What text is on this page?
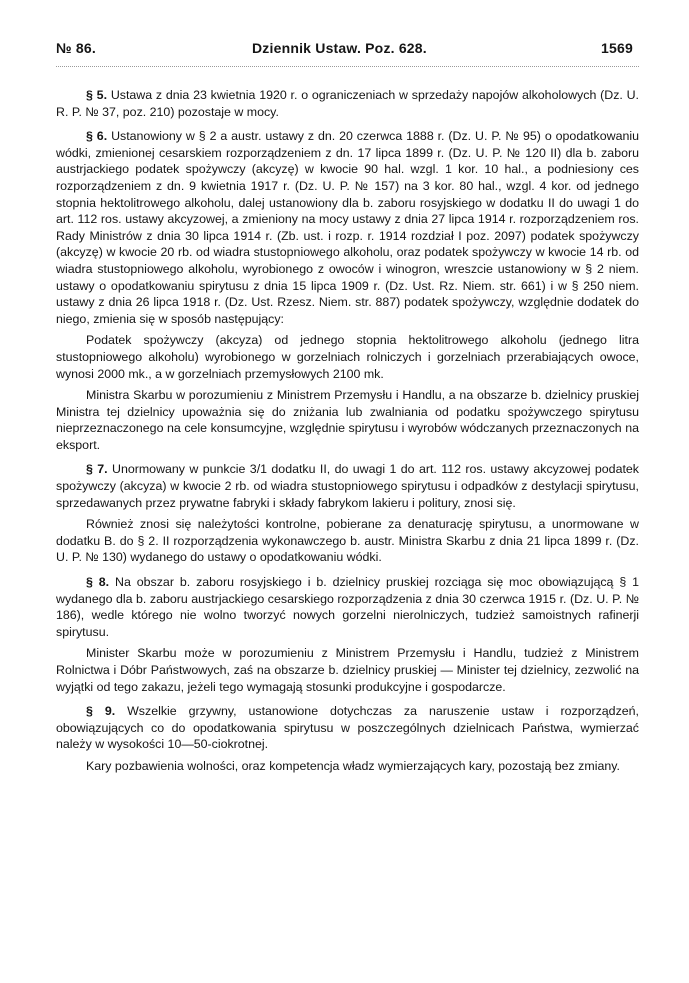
№ 86.	Dziennik Ustaw. Poz. 628.	1569

§ 5. Ustawa z dnia 23 kwietnia 1920 r. o ograniczeniach w sprzedaży napojów alkoholowych (Dz. U. R. P. № 37, poz. 210) pozostaje w mocy.

§ 6. Ustanowiony w § 2 a austr. ustawy z dn. 20 czerwca 1888 r. (Dz. U. P. № 95) o opodatkowaniu wódki, zmienionej cesarskiem rozporządzeniem z dn. 17 lipca 1899 r. (Dz. U. P. № 120 II) dla b. zaboru austrjackiego podatek spożywczy (akcyzę) w kwocie 90 hal. wzgl. 1 kor. 10 hal., a podniesiony ces rozporządzeniem z dn. 9 kwietnia 1917 r. (Dz. U. P. № 157) na 3 kor. 80 hal., wzgl. 4 kor. od jednego stopnia hektolitrowego alkoholu, dalej ustanowiony dla b. zaboru rosyjskiego w dodatku II do uwagi 1 do art. 112 ros. ustawy akcyzowej, a zmieniony na mocy ustawy z dnia 27 lipca 1914 r. rozporządzeniem ros. Rady Ministrów z dnia 30 lipca 1914 r. (Zb. ust. i rozp. r. 1914 rozdział I poz. 2097) podatek spożywczy (akcyzę) w kwocie 20 rb. od wiadra stustopniowego alkoholu, oraz podatek spożywczy w kwocie 14 rb. od wiadra stustopniowego alkoholu, wyrobionego z owoców i winogron, wreszcie ustanowiony w § 2 niem. ustawy o opodatkowaniu spirytusu z dnia 15 lipca 1909 r. (Dz. Ust. Rz. Niem. str. 661) i w § 250 niem. ustawy z dnia 26 lipca 1918 r. (Dz. Ust. Rzesz. Niem. str. 887) podatek spożywczy, względnie dodatek do niego, zmienia się w sposób następujący:

Podatek spożywczy (akcyza) od jednego stopnia hektolitrowego alkoholu (jednego litra stustopniowego alkoholu) wyrobionego w gorzelniach rolniczych i gorzelniach przerabiających owoce, wynosi 2000 mk., a w gorzelniach przemysłowych 2100 mk.

Ministra Skarbu w porozumieniu z Ministrem Przemysłu i Handlu, a na obszarze b. dzielnicy pruskiej Ministra tej dzielnicy upoważnia się do zniżania lub zwalniania od podatku spożywczego spirytusu nieprzeznaczonego na cele konsumcyjne, względnie spirytusu i wyrobów wódczanych przeznaczonych na eksport.

§ 7. Unormowany w punkcie 3/1 dodatku II, do uwagi 1 do art. 112 ros. ustawy akcyzowej podatek spożywczy (akcyza) w kwocie 2 rb. od wiadra stustopniowego spirytusu i odpadków z destylacji spirytusu, sprzedawanych przez prywatne fabryki i składy fabrykom lakieru i politury, znosi się.

Również znosi się należytości kontrolne, pobierane za denaturację spirytusu, a unormowane w dodatku B. do § 2. II rozporządzenia wykonawczego b. austr. Ministra Skarbu z dnia 21 lipca 1899 r. (Dz. U. P. № 130) wydanego do ustawy o opodatkowaniu wódki.

§ 8. Na obszar b. zaboru rosyjskiego i b. dzielnicy pruskiej rozciąga się moc obowiązującą § 1 wydanego dla b. zaboru austrjackiego cesarskiego rozporządzenia z dnia 30 czerwca 1915 r. (Dz. U. P. № 186), wedle którego nie wolno tworzyć nowych gorzelni nierolniczych, tudzież samoistnych rafinerji spirytusu.

Minister Skarbu może w porozumieniu z Ministrem Przemysłu i Handlu, tudzież z Ministrem Rolnictwa i Dóbr Państwowych, zaś na obszarze b. dzielnicy pruskiej — Minister tej dzielnicy, zezwolić na wyjątki od tego zakazu, jeżeli tego wymagają stosunki produkcyjne i gospodarcze.

§ 9. Wszelkie grzywny, ustanowione dotychczas za naruszenie ustaw i rozporządzeń, obowiązujących co do opodatkowania spirytusu w poszczególnych dzielnicach Państwa, wymierzać należy w wysokości 10—50-ciokrotnej.

Kary pozbawienia wolności, oraz kompetencja władz wymierzających kary, pozostają bez zmiany.
